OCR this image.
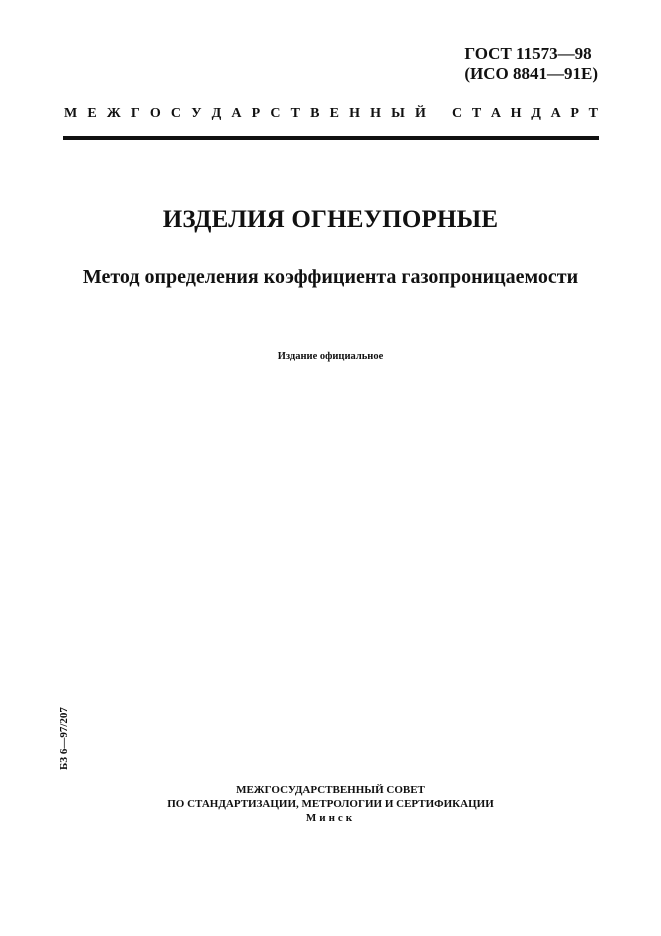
ГОСТ 11573—98
(ИСО 8841—91Е)
М Е Ж Г О С У Д А Р С Т В Е Н Н Ы Й С Т А Н Д А Р Т
ИЗДЕЛИЯ ОГНЕУПОРНЫЕ
Метод определения коэффициента газопроницаемости
Издание официальное
БЗ 6—97/207
МЕЖГОСУДАРСТВЕННЫЙ СОВЕТ
ПО СТАНДАРТИЗАЦИИ, МЕТРОЛОГИИ И СЕРТИФИКАЦИИ
Минск
